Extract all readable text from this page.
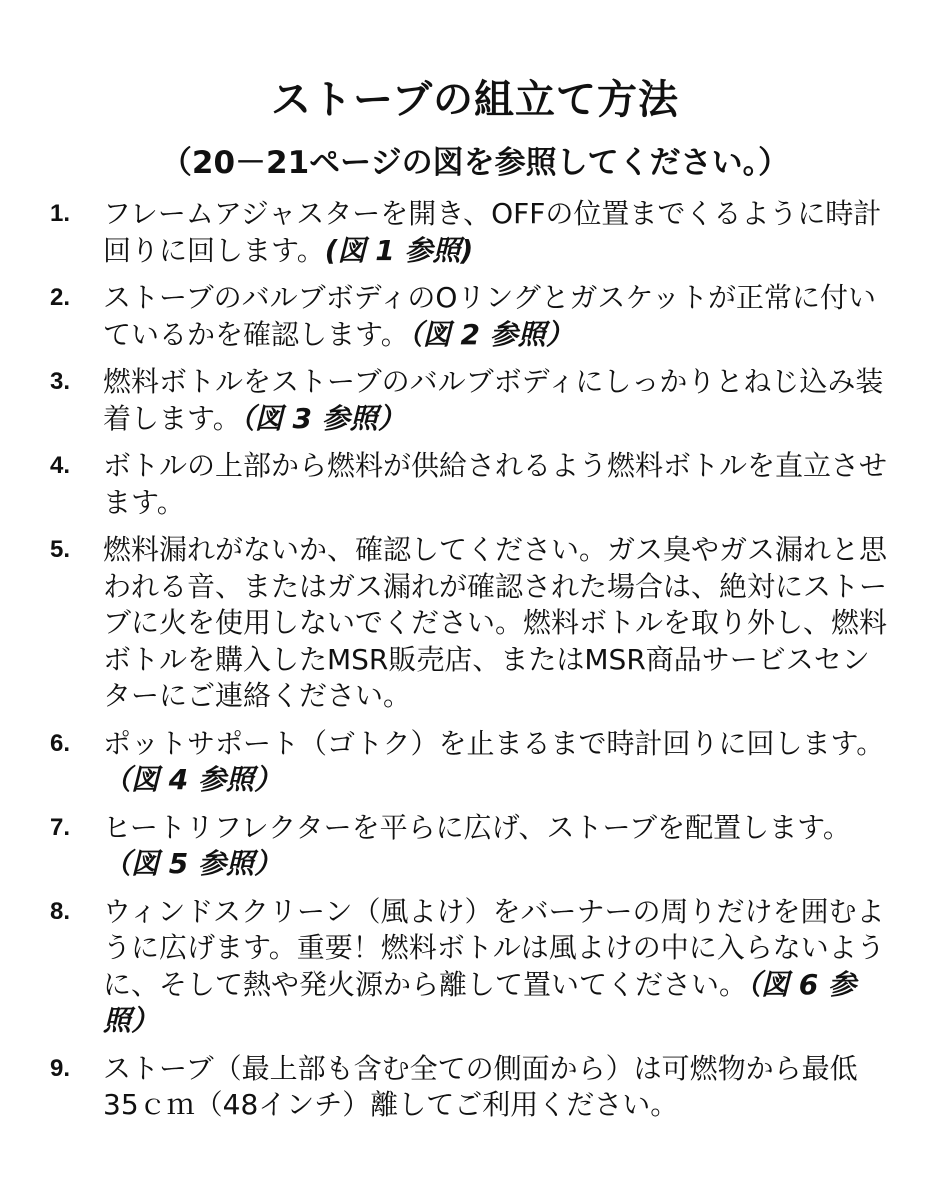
ストーブの組立て方法
（20－21ページの図を参照してください。）
1. フレームアジャスターを開き、OFFの位置までくるように時計回りに回します。(図 1 参照)
2. ストーブのバルブボディのOリングとガスケットが正常に付いているかを確認します。（図 2 参照）
3. 燃料ボトルをストーブのバルブボディにしっかりとねじ込み装着します。（図 3 参照）
4. ボトルの上部から燃料が供給されるよう燃料ボトルを直立させます。
5. 燃料漏れがないか、確認してください。ガス臭やガス漏れと思われる音、またはガス漏れが確認された場合は、絶対にストーブに火を使用しないでください。燃料ボトルを取り外し、燃料ボトルを購入したMSR販売店、またはMSR商品サービスセンターにご連絡ください。
6. ポットサポート（ゴトク）を止まるまで時計回りに回します。（図 4 参照）
7. ヒートリフレクターを平らに広げ、ストーブを配置します。（図 5 参照）
8. ウィンドスクリーン（風よけ）をバーナーの周りだけを囲むように広げます。重要！燃料ボトルは風よけの中に入らないように、そして熱や発火源から離して置いてください。（図 6 参照）
9. ストーブ（最上部も含む全ての側面から）は可燃物から最低35ｃｍ（48インチ）離してご利用ください。
